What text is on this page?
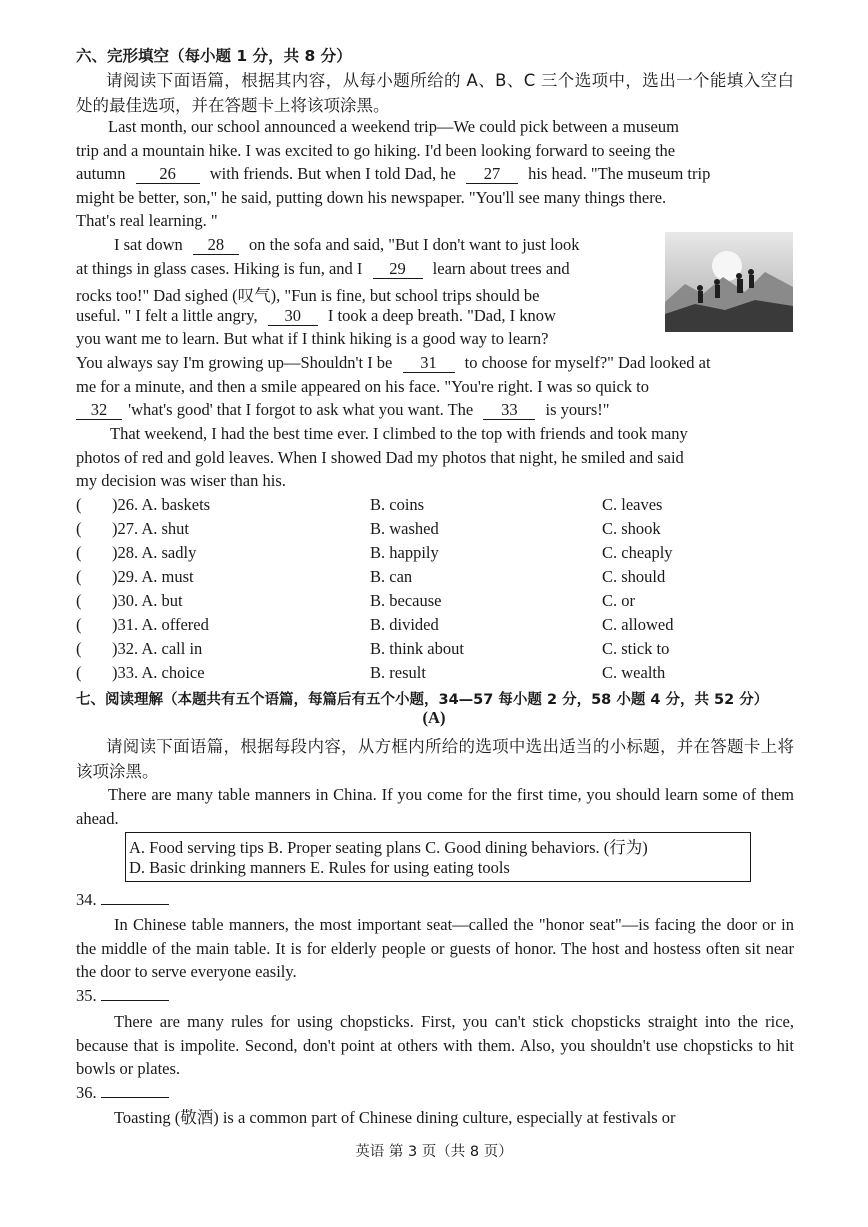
六、完形填空（每小题 1 分，共 8 分）
请阅读下面语篇，根据其内容，从每小题所给的 A、B、C 三个选项中，选出一个能填入空白处的最佳选项，并在答题卡上将该项涂黑。
Last month, our school announced a weekend trip—We could pick between a museum
trip and a mountain hike. I was excited to go hiking. I'd been looking forward to seeing the
autumn 26 with friends. But when I told Dad, he 27 his head. "The museum trip
might be better, son," he said, putting down his newspaper. "You'll see many things there.
That's real learning. "
I sat down 28 on the sofa and said, "But I don't want to just look
at things in glass cases. Hiking is fun, and I 29 learn about trees and
rocks too!" Dad sighed (叹气), "Fun is fine, but school trips should be
useful. " I felt a little angry, 30 I took a deep breath. "Dad, I know
you want me to learn. But what if I think hiking is a good way to learn?
You always say I'm growing up—Shouldn't I be 31 to choose for myself?" Dad looked at
me for a minute, and then a smile appeared on his face. "You're right. I was so quick to
32 'what's good' that I forgot to ask what you want. The 33 is yours!"
That weekend, I had the best time ever. I climbed to the top with friends and took many
photos of red and gold leaves. When I showed Dad my photos that night, he smiled and said
my decision was wiser than his.
( )26. A. baskets	B. coins	C. leaves
( )27. A. shut	B. washed	C. shook
( )28. A. sadly	B. happily	C. cheaply
( )29. A. must	B. can	C. should
( )30. A. but	B. because	C. or
( )31. A. offered	B. divided	C. allowed
( )32. A. call in	B. think about	C. stick to
( )33. A. choice	B. result	C. wealth
七、阅读理解（本题共有五个语篇，每篇后有五个小题，34—57 每小题 2 分，58 小题 4 分，共 52 分）
(A)
请阅读下面语篇，根据每段内容，从方框内所给的选项中选出适当的小标题，并在答题卡上将该项涂黑。
There are many table manners in China. If you come for the first time, you should learn some of them ahead.
A. Food serving tips B. Proper seating plans C. Good dining behaviors. (行为)
D. Basic drinking manners E. Rules for using eating tools
34.
In Chinese table manners, the most important seat—called the "honor seat"—is facing the door or in the middle of the main table. It is for elderly people or guests of honor. The host and hostess often sit near the door to serve everyone easily.
35.
There are many rules for using chopsticks. First, you can't stick chopsticks straight into the rice, because that is impolite. Second, don't point at others with them. Also, you shouldn't use chopsticks to hit bowls or plates.
36.
Toasting (敬酒) is a common part of Chinese dining culture, especially at festivals or
英语 第 3 页（共 8 页）
